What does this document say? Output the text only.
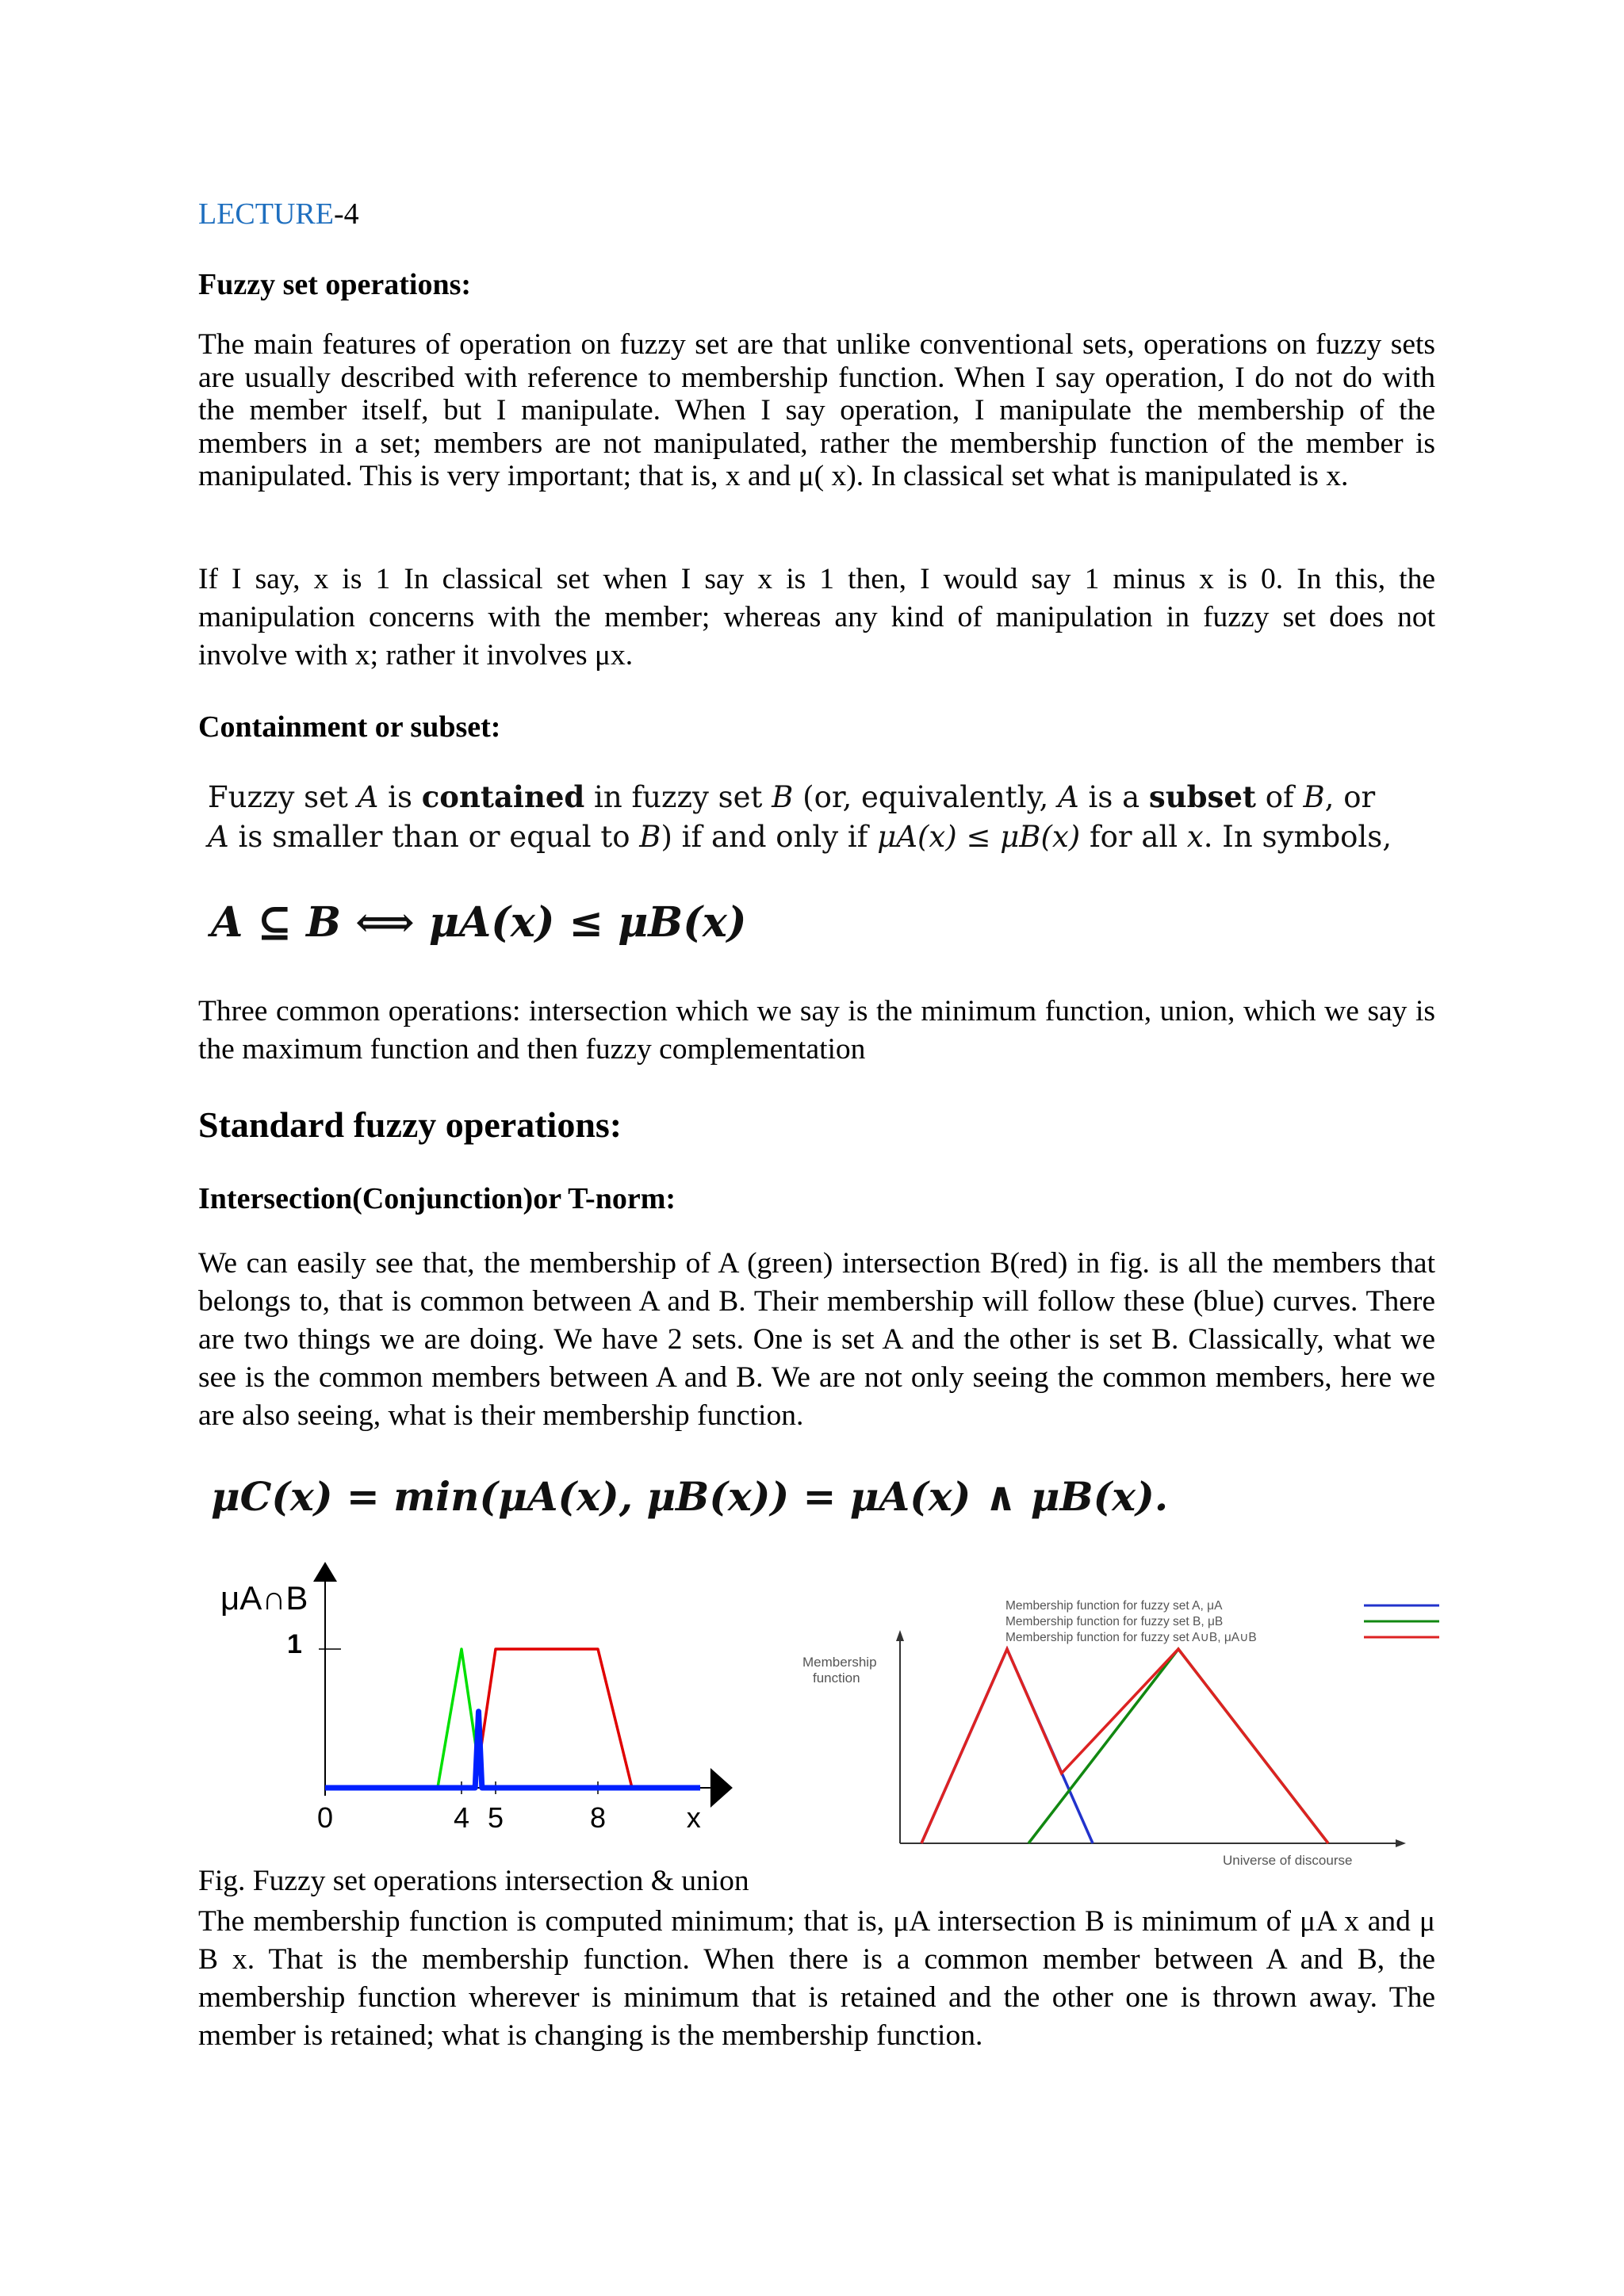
LECTURE-4

Fuzzy set operations:

The main features of operation on fuzzy set are that unlike conventional sets, operations on fuzzy sets are usually described with reference to membership function. When I say operation, I do not do with the member itself, but I manipulate. When I say operation, I manipulate the membership of the members in a set; members are not manipulated, rather the membership function of the member is manipulated. This is very important; that is, x and μ( x). In classical set what is manipulated is x.

If I say, x is 1 In classical set when I say x is 1 then, I would say 1 minus x is 0. In this, the manipulation concerns with the member; whereas any kind of manipulation in fuzzy set does not involve with x; rather it involves μx.

Containment or subset:

Fuzzy set A is contained in fuzzy set B (or, equivalently, A is a subset of B, or
A is smaller than or equal to B) if and only if μA(x) ≤ μB(x) for all x. In symbols,
A ⊆ B ⟺ μA(x) ≤ μB(x)

Three common operations: intersection which we say is the minimum function, union, which we say is the maximum function and then fuzzy complementation

Standard fuzzy operations:

Intersection(Conjunction)or T-norm:

We can easily see that, the membership of A (green) intersection B(red) in fig. is all the members that belongs to, that is common between A and B. Their membership will follow these (blue) curves. There are two things we are doing. We have 2 sets. One is set A and the other is set B. Classically, what we see is the common members between A and B. We are not only seeing the common members, here we are also seeing, what is their membership function.

μC(x) = min(μA(x), μB(x)) = μA(x) ∧ μB(x).
μA∩B
x
1
0	4 5	8
Membership
function
Universe of discourse
Membership function for fuzzy set A, μA
Membership function for fuzzy set B, μB
Membership function for fuzzy set A∪B, μA∪B

Fig. Fuzzy set operations intersection & union

The membership function is computed minimum; that is, μA intersection B is minimum of μA x and μ B x. That is the membership function. When there is a common member between A and B, the membership function wherever is minimum that is retained and the other one is thrown away. The member is retained; what is changing is the membership function.
